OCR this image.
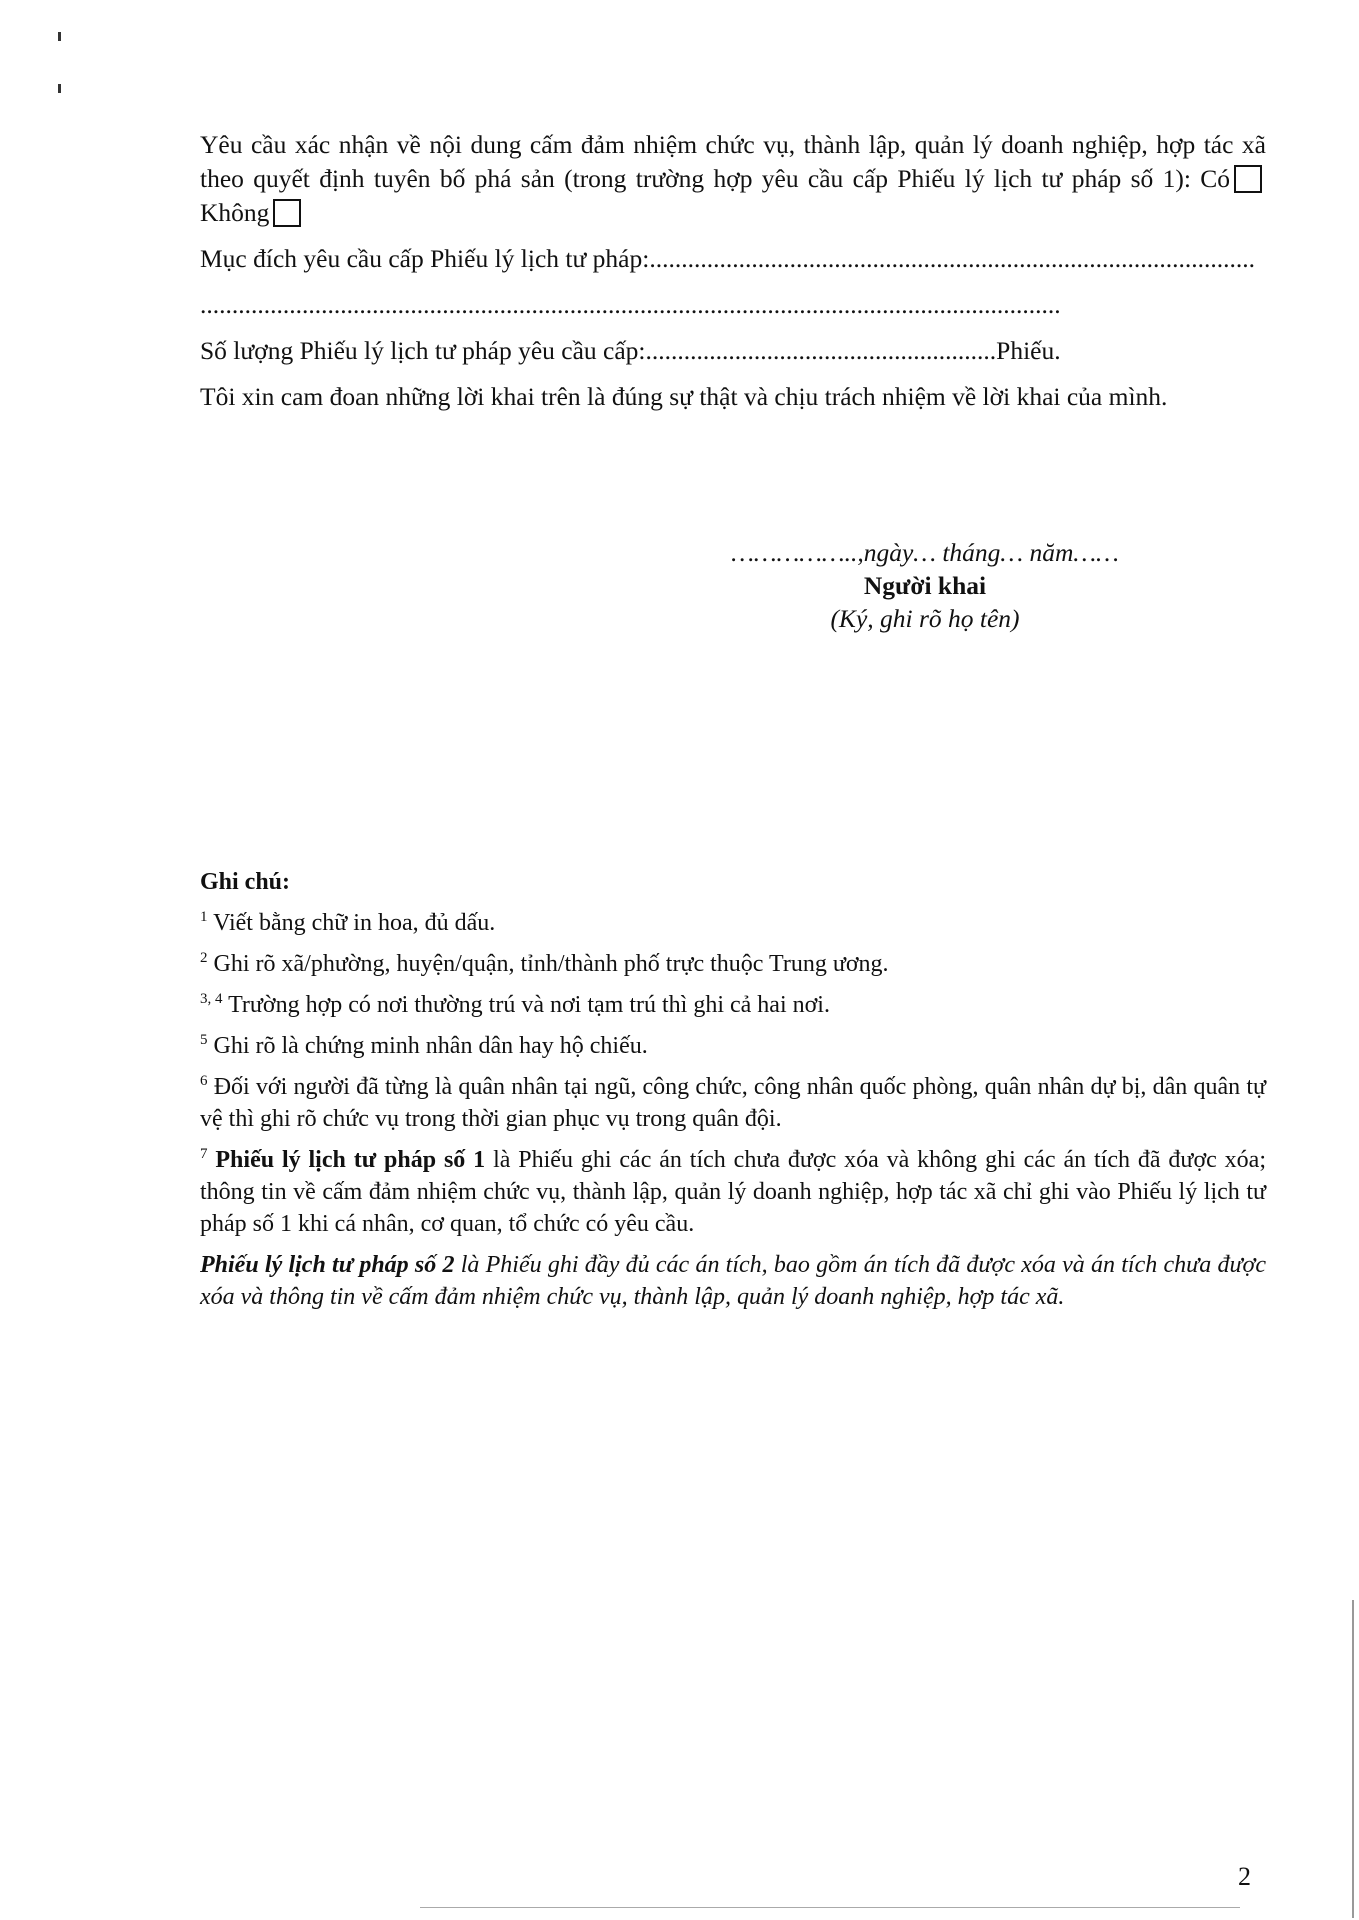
Yêu cầu xác nhận về nội dung cấm đảm nhiệm chức vụ, thành lập, quản lý doanh nghiệp, hợp tác xã theo quyết định tuyên bố phá sản (trong trường hợp yêu cầu cấp Phiếu lý lịch tư pháp số 1): CóKhông

Mục đích yêu cầu cấp Phiếu lý lịch tư pháp:...............................................................................................

.......................................................................................................................................

Số lượng Phiếu lý lịch tư pháp yêu cầu cấp:.......................................................Phiếu.

Tôi xin cam đoan những lời khai trên là đúng sự thật và chịu trách nhiệm về lời khai của mình.

……………..,ngày… tháng… năm……
Người khai
(Ký, ghi rõ họ tên)

Ghi chú:

$^1$ Viết bằng chữ in hoa, đủ dấu.

$^2$ Ghi rõ xã/phường, huyện/quận, tỉnh/thành phố trực thuộc Trung ương.

$^{3, 4}$ Trường hợp có nơi thường trú và nơi tạm trú thì ghi cả hai nơi.

$^5$ Ghi rõ là chứng minh nhân dân hay hộ chiếu.

$^6$ Đối với người đã từng là quân nhân tại ngũ, công chức, công nhân quốc phòng, quân nhân dự bị, dân quân tự vệ thì ghi rõ chức vụ trong thời gian phục vụ trong quân đội.

$^7$ Phiếu lý lịch tư pháp số 1 là Phiếu ghi các án tích chưa được xóa và không ghi các án tích đã được xóa; thông tin về cấm đảm nhiệm chức vụ, thành lập, quản lý doanh nghiệp, hợp tác xã chỉ ghi vào Phiếu lý lịch tư pháp số 1 khi cá nhân, cơ quan, tổ chức có yêu cầu.

Phiếu lý lịch tư pháp số 2 là Phiếu ghi đầy đủ các án tích, bao gồm án tích đã được xóa và án tích chưa được xóa và thông tin về cấm đảm nhiệm chức vụ, thành lập, quản lý doanh nghiệp, hợp tác xã.

2
